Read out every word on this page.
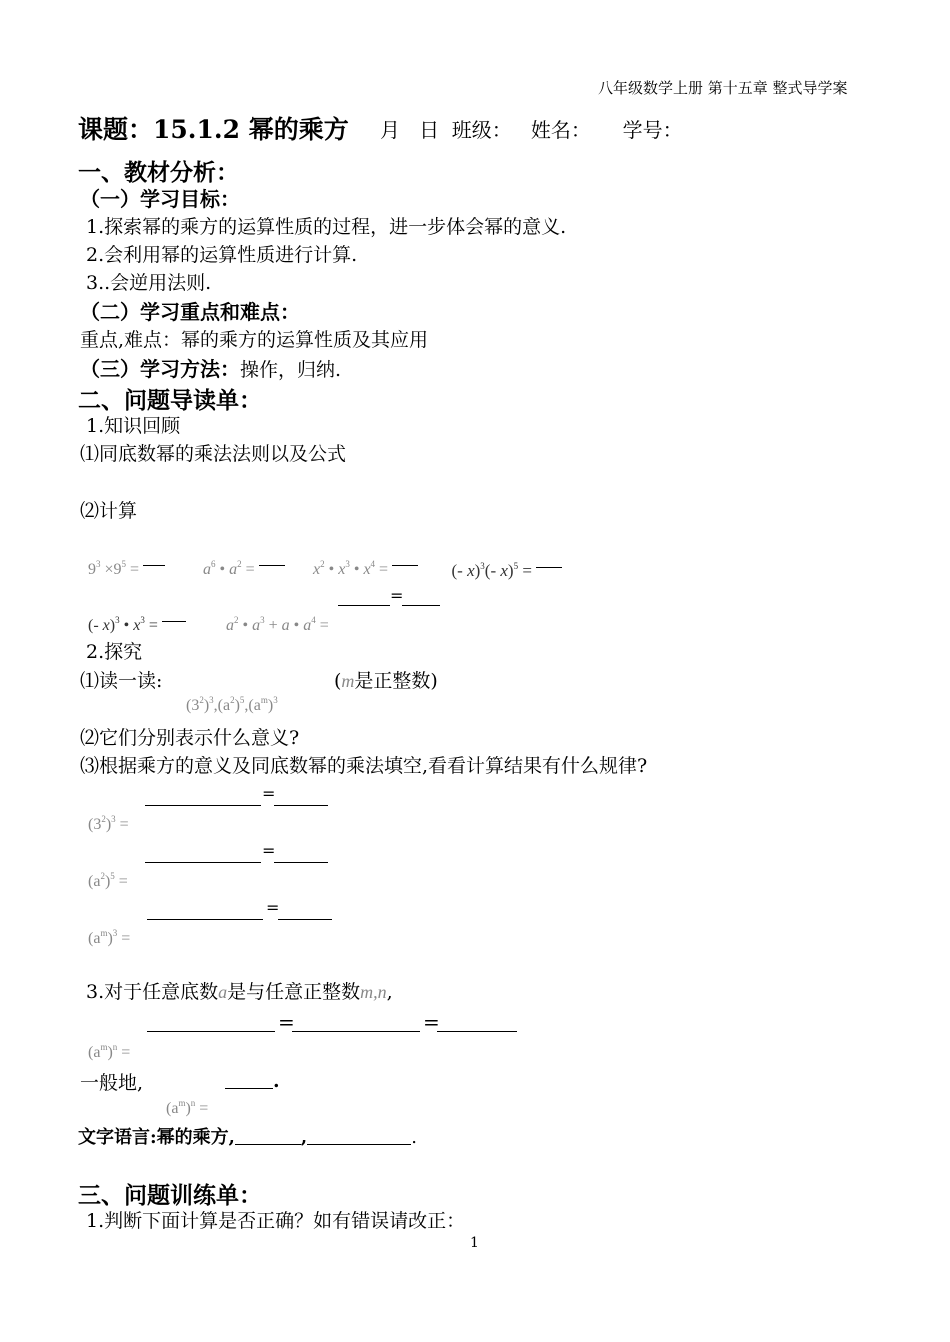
八年级数学上册 第十五章 整式导学案
课题：15.1.2 幂的乘方 月   日  班级：   姓名：     学号：
一、教材分析：
（一）学习目标：
1.探索幂的乘方的运算性质的过程，进一步体会幂的意义.
2.会利用幂的运算性质进行计算.
3..会逆用法则.
（二）学习重点和难点：
重点,难点：幂的乘方的运算性质及其应用
（三）学习方法：操作，归纳.
二、问题导读单：
1.知识回顾
⑴同底数幂的乘法法则以及公式
⑵计算

$9^3 \times 9^5$ =	$a^6$ • $a^2$ =	$x^2$ • $x^3$ • $x^4$ =	(- x)$^3$(- x)$^5$ =

(- x)$^3$ • $x^3$ =	$a^2$ • $a^3 + a$ • $a^4$ =

=
2.探究
⑴读一读:

$(3^2)^3,(a^2)^5,(a^m)^3$

(m是正整数)
⑵它们分别表示什么意义?
⑶根据乘方的意义及同底数幂的乘法填空,看看计算结果有什么规律?

$(3^2)^3$ =

=

$(a^2)^5$ =

=

$(a^m)^3$ =

=
3.对于任意底数a是与任意正整数m,n,

$(a^m)^n$ =

=	=
一般地,

$(a^m)^n$ =

.
文字语言:幂的乘方,	,	.
三、问题训练单：
1.判断下面计算是否正确？如有错误请改正：
1
